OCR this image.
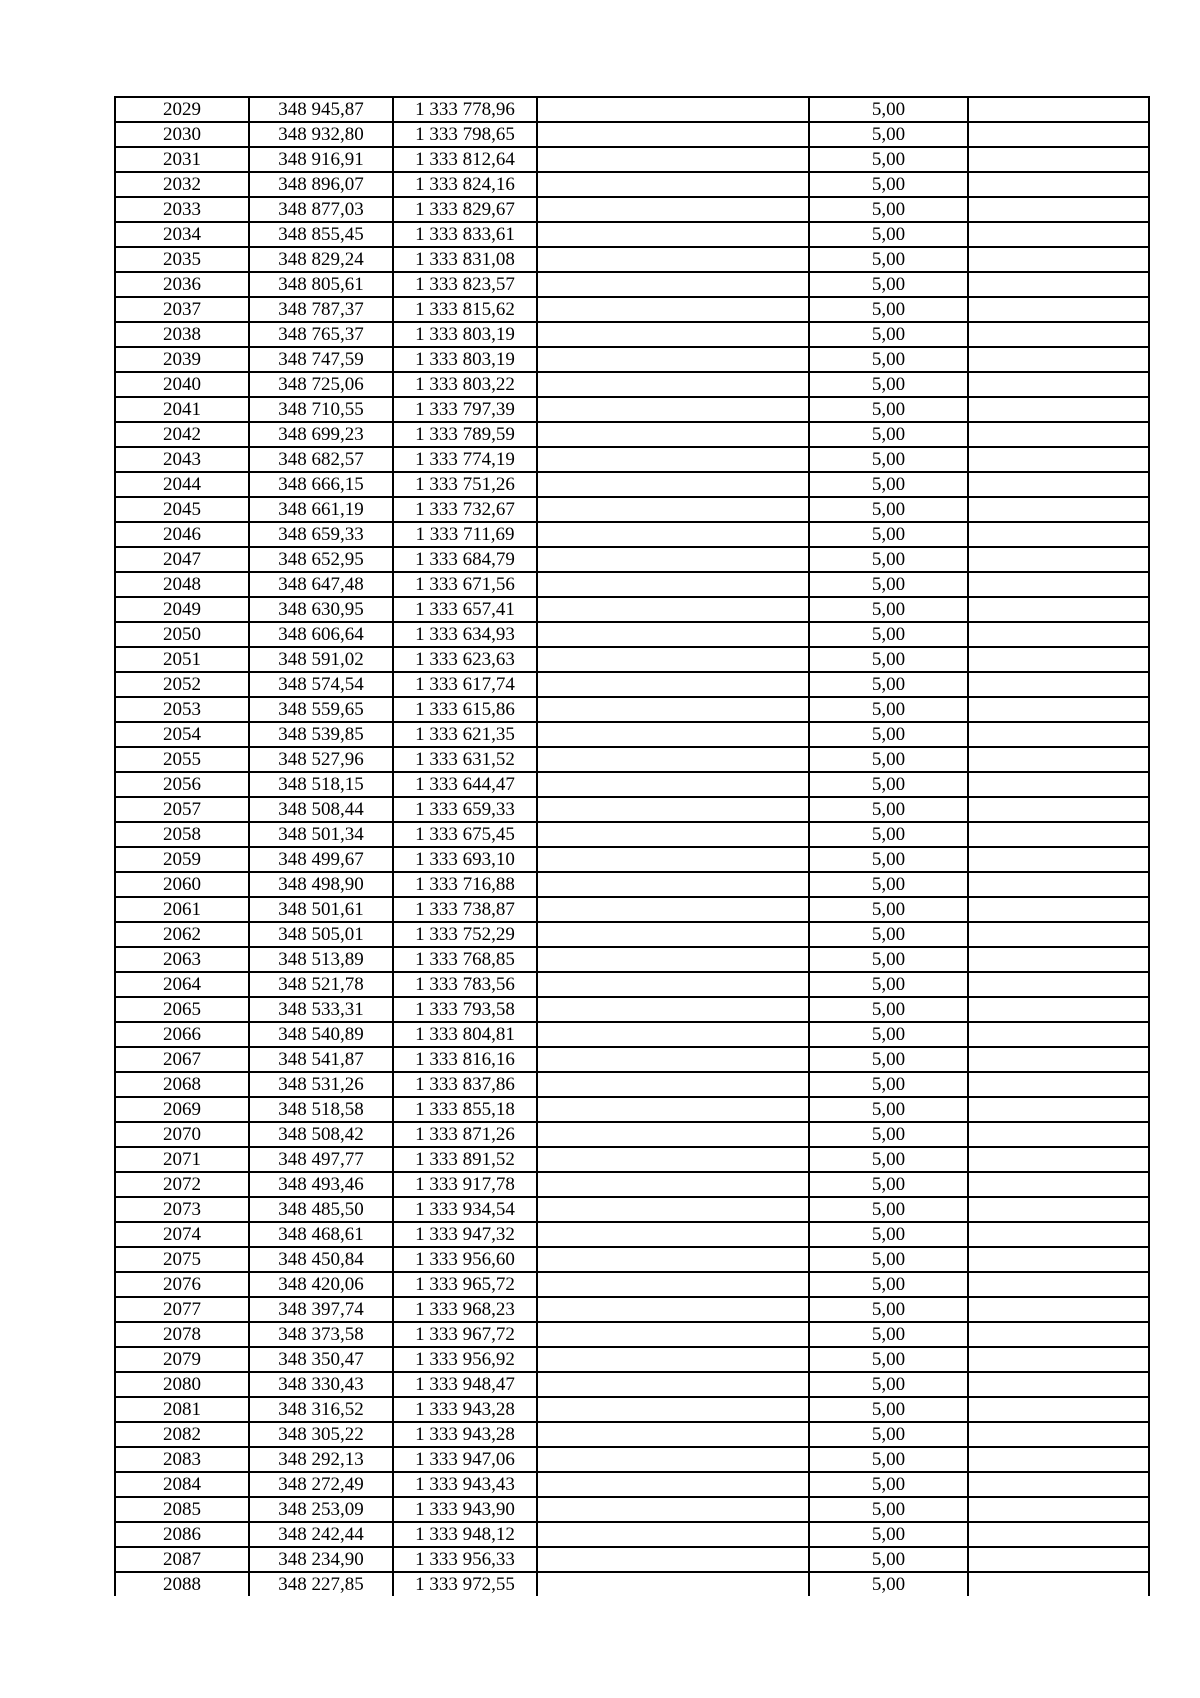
2029	348 945,87	1 333 778,96		5,00	
2030	348 932,80	1 333 798,65		5,00	
2031	348 916,91	1 333 812,64		5,00	
2032	348 896,07	1 333 824,16		5,00	
2033	348 877,03	1 333 829,67		5,00	
2034	348 855,45	1 333 833,61		5,00	
2035	348 829,24	1 333 831,08		5,00	
2036	348 805,61	1 333 823,57		5,00	
2037	348 787,37	1 333 815,62		5,00	
2038	348 765,37	1 333 803,19		5,00	
2039	348 747,59	1 333 803,19		5,00	
2040	348 725,06	1 333 803,22		5,00	
2041	348 710,55	1 333 797,39		5,00	
2042	348 699,23	1 333 789,59		5,00	
2043	348 682,57	1 333 774,19		5,00	
2044	348 666,15	1 333 751,26		5,00	
2045	348 661,19	1 333 732,67		5,00	
2046	348 659,33	1 333 711,69		5,00	
2047	348 652,95	1 333 684,79		5,00	
2048	348 647,48	1 333 671,56		5,00	
2049	348 630,95	1 333 657,41		5,00	
2050	348 606,64	1 333 634,93		5,00	
2051	348 591,02	1 333 623,63		5,00	
2052	348 574,54	1 333 617,74		5,00	
2053	348 559,65	1 333 615,86		5,00	
2054	348 539,85	1 333 621,35		5,00	
2055	348 527,96	1 333 631,52		5,00	
2056	348 518,15	1 333 644,47		5,00	
2057	348 508,44	1 333 659,33		5,00	
2058	348 501,34	1 333 675,45		5,00	
2059	348 499,67	1 333 693,10		5,00	
2060	348 498,90	1 333 716,88		5,00	
2061	348 501,61	1 333 738,87		5,00	
2062	348 505,01	1 333 752,29		5,00	
2063	348 513,89	1 333 768,85		5,00	
2064	348 521,78	1 333 783,56		5,00	
2065	348 533,31	1 333 793,58		5,00	
2066	348 540,89	1 333 804,81		5,00	
2067	348 541,87	1 333 816,16		5,00	
2068	348 531,26	1 333 837,86		5,00	
2069	348 518,58	1 333 855,18		5,00	
2070	348 508,42	1 333 871,26		5,00	
2071	348 497,77	1 333 891,52		5,00	
2072	348 493,46	1 333 917,78		5,00	
2073	348 485,50	1 333 934,54		5,00	
2074	348 468,61	1 333 947,32		5,00	
2075	348 450,84	1 333 956,60		5,00	
2076	348 420,06	1 333 965,72		5,00	
2077	348 397,74	1 333 968,23		5,00	
2078	348 373,58	1 333 967,72		5,00	
2079	348 350,47	1 333 956,92		5,00	
2080	348 330,43	1 333 948,47		5,00	
2081	348 316,52	1 333 943,28		5,00	
2082	348 305,22	1 333 943,28		5,00	
2083	348 292,13	1 333 947,06		5,00	
2084	348 272,49	1 333 943,43		5,00	
2085	348 253,09	1 333 943,90		5,00	
2086	348 242,44	1 333 948,12		5,00	
2087	348 234,90	1 333 956,33		5,00	
2088	348 227,85	1 333 972,55		5,00	
